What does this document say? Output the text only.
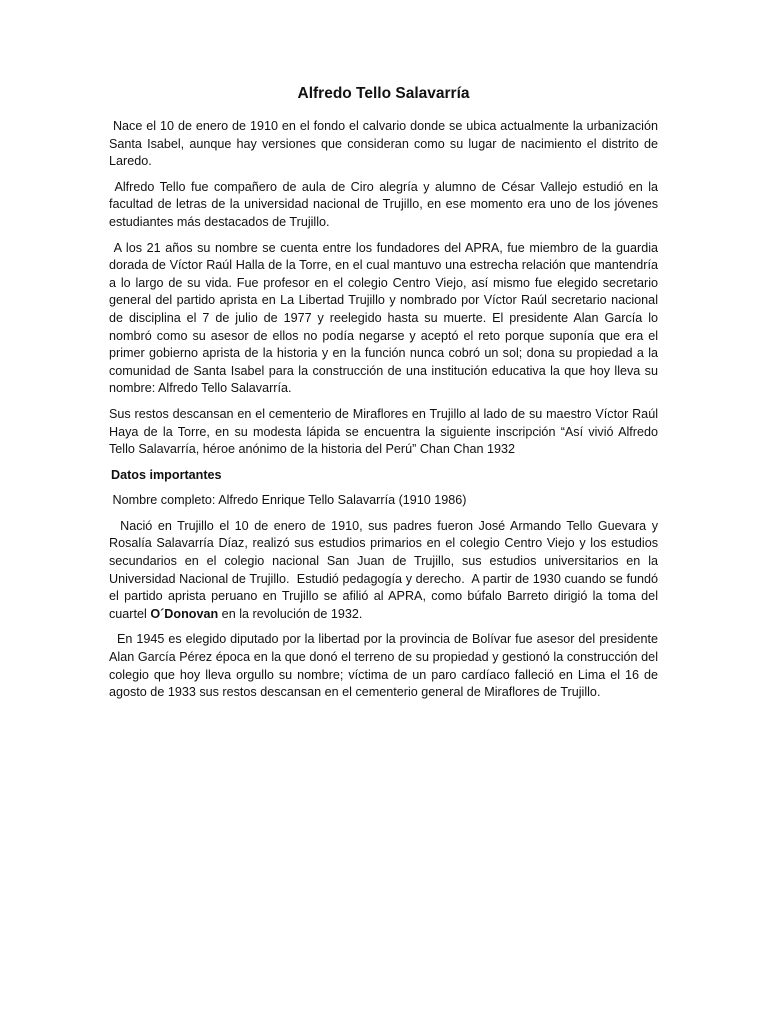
Alfredo Tello Salavarría

Nace el 10 de enero de 1910 en el fondo el calvario donde se ubica actualmente la urbanización Santa Isabel, aunque hay versiones que consideran como su lugar de nacimiento el distrito de Laredo.

Alfredo Tello fue compañero de aula de Ciro alegría y alumno de César Vallejo estudió en la facultad de letras de la universidad nacional de Trujillo, en ese momento era uno de los jóvenes estudiantes más destacados de Trujillo.

A los 21 años su nombre se cuenta entre los fundadores del APRA, fue miembro de la guardia dorada de Víctor Raúl Halla de la Torre, en el cual mantuvo una estrecha relación que mantendría a lo largo de su vida. Fue profesor en el colegio Centro Viejo, así mismo fue elegido secretario general del partido aprista en La Libertad Trujillo y nombrado por Víctor Raúl secretario nacional de disciplina el 7 de julio de 1977 y reelegido hasta su muerte. El presidente Alan García lo nombró como su asesor de ellos no podía negarse y aceptó el reto porque suponía que era el primer gobierno aprista de la historia y en la función nunca cobró un sol; dona su propiedad a la comunidad de Santa Isabel para la construcción de una institución educativa la que hoy lleva su nombre: Alfredo Tello Salavarría.

Sus restos descansan en el cementerio de Miraflores en Trujillo al lado de su maestro Víctor Raúl Haya de la Torre, en su modesta lápida se encuentra la siguiente inscripción “Así vivió Alfredo Tello Salavarría, héroe anónimo de la historia del Perú” Chan Chan 1932

Datos importantes

Nombre completo: Alfredo Enrique Tello Salavarría (1910 1986)

Nació en Trujillo el 10 de enero de 1910, sus padres fueron José Armando Tello Guevara y Rosalía Salavarría Díaz, realizó sus estudios primarios en el colegio Centro Viejo y los estudios secundarios en el colegio nacional San Juan de Trujillo, sus estudios universitarios en la Universidad Nacional de Trujillo.  Estudió pedagogía y derecho.  A partir de 1930 cuando se fundó el partido aprista peruano en Trujillo se afilió al APRA, como búfalo Barreto dirigió la toma del cuartel O´Donovan en la revolución de 1932.

En 1945 es elegido diputado por la libertad por la provincia de Bolívar fue asesor del presidente Alan García Pérez época en la que donó el terreno de su propiedad y gestionó la construcción del colegio que hoy lleva orgullo su nombre; víctima de un paro cardíaco falleció en Lima el 16 de agosto de 1933 sus restos descansan en el cementerio general de Miraflores de Trujillo.
